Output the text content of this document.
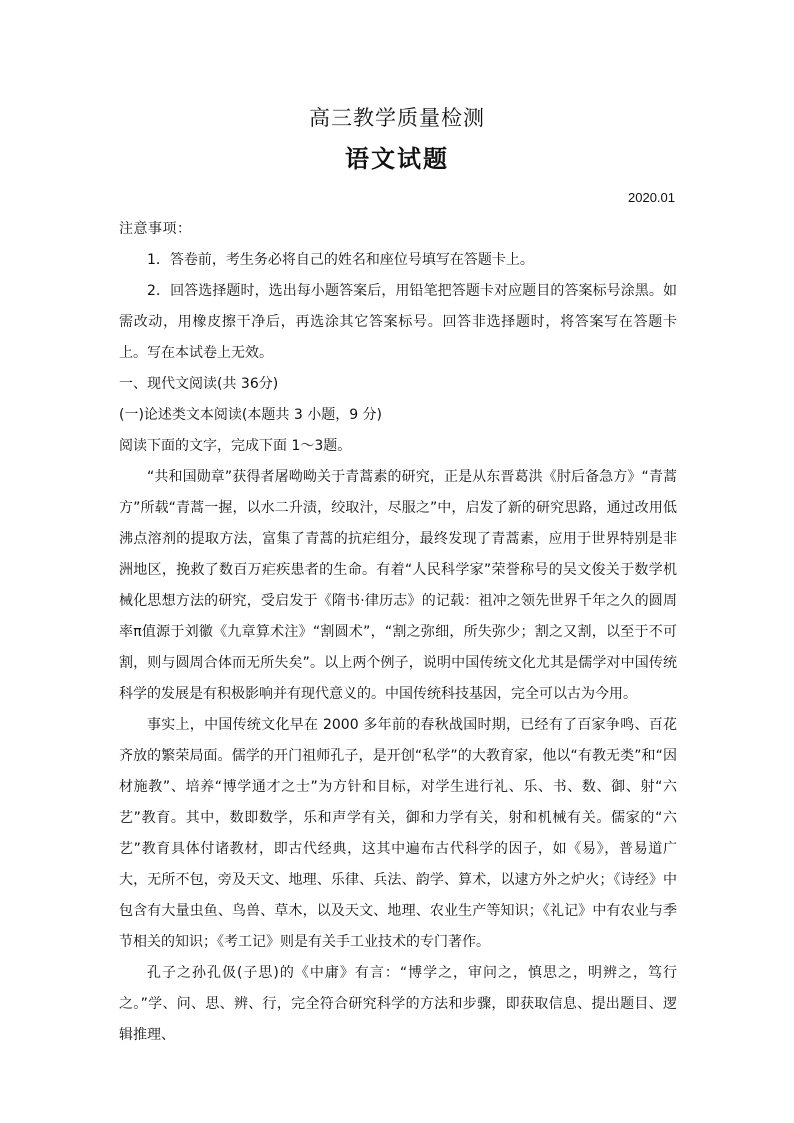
高三教学质量检测
语文试题
2020.01

注意事项：

1．答卷前，考生务必将自己的姓名和座位号填写在答题卡上。

2．回答选择题时，选出每小题答案后，用铅笔把答题卡对应题目的答案标号涂黑。如需改动，用橡皮擦干净后，再选涂其它答案标号。回答非选择题时，将答案写在答题卡上。写在本试卷上无效。

一、现代文阅读(共 36分)

(一)论述类文本阅读(本题共 3 小题，9 分)

阅读下面的文字，完成下面 1～3题。

“共和国勋章”获得者屠呦呦关于青蒿素的研究，正是从东晋葛洪《肘后备急方》“青蒿方”所载“青蒿一握，以水二升渍，绞取汁，尽服之”中，启发了新的研究思路，通过改用低沸点溶剂的提取方法，富集了青蒿的抗疟组分，最终发现了青蒿素，应用于世界特别是非洲地区，挽救了数百万疟疾患者的生命。有着“人民科学家”荣誉称号的吴文俊关于数学机械化思想方法的研究，受启发于《隋书·律历志》的记载：祖冲之领先世界千年之久的圆周率π值源于刘徽《九章算术注》“割圆术”，“割之弥细，所失弥少；割之又割，以至于不可割，则与圆周合体而无所失矣”。以上两个例子，说明中国传统文化尤其是儒学对中国传统科学的发展是有积极影响并有现代意义的。中国传统科技基因，完全可以古为今用。

事实上，中国传统文化早在 2000 多年前的春秋战国时期，已经有了百家争鸣、百花齐放的繁荣局面。儒学的开门祖师孔子，是开创“私学”的大教育家，他以“有教无类”和“因材施教”、培养“博学通才之士”为方针和目标，对学生进行礼、乐、书、数、御、射“六艺”教育。其中，数即数学，乐和声学有关，御和力学有关，射和机械有关。儒家的“六艺”教育具体付诸教材，即古代经典，这其中遍布古代科学的因子，如《易》，普易道广大，无所不包，旁及天文、地理、乐律、兵法、韵学、算术，以逮方外之炉火；《诗经》中包含有大量虫鱼、鸟兽、草木，以及天文、地理、农业生产等知识；《礼记》中有农业与季节相关的知识；《考工记》则是有关手工业技术的专门著作。

孔子之孙孔伋(子思)的《中庸》有言：“博学之，审问之，慎思之，明辨之，笃行之。”学、问、思、辨、行，完全符合研究科学的方法和步骤，即获取信息、提出题目、逻辑推理、
